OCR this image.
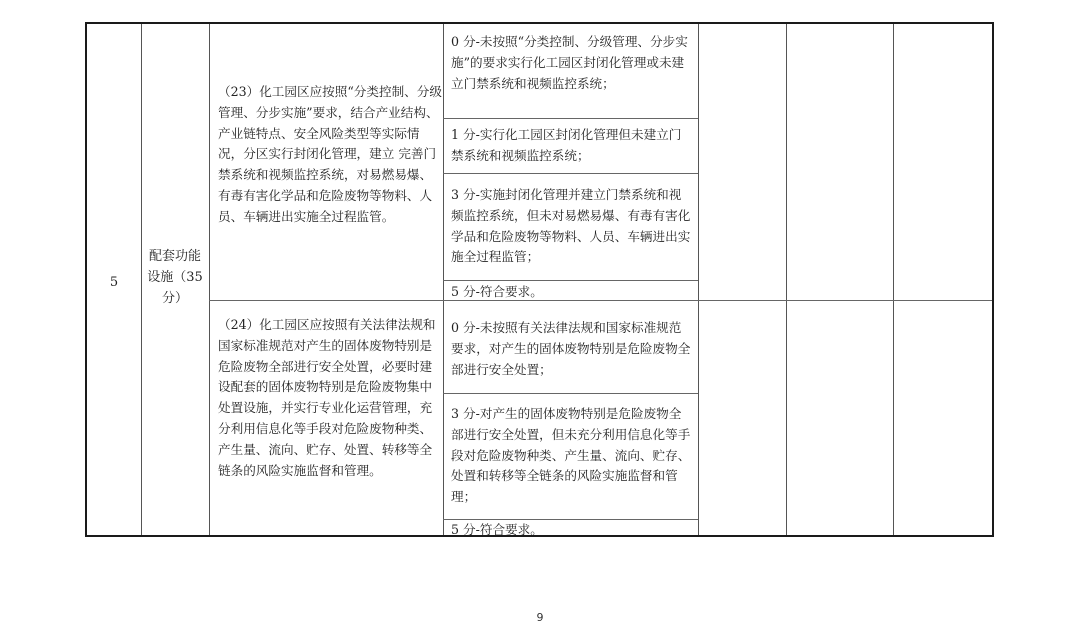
5
配套功能设施（35分）
（23）化工园区应按照“分类控制、分级管理、分步实施”要求，结合产业结构、产业链特点、安全风险类型等实际情况，分区实行封闭化管理，建立 完善门禁系统和视频监控系统，对易燃易爆、有毒有害化学品和危险废物等物料、人员、车辆进出实施全过程监管。
0 分-未按照“分类控制、分级管理、分步实施”的要求实行化工园区封闭化管理或未建立门禁系统和视频监控系统；
1 分-实行化工园区封闭化管理但未建立门禁系统和视频监控系统；
3 分-实施封闭化管理并建立门禁系统和视 频监控系统，但未对易燃易爆、有毒有害化学品和危险废物等物料、人员、车辆进出实施全过程监管；
5 分-符合要求。
（24）化工园区应按照有关法律法规和国家标准规范对产生的固体废物特别是危险废物全部进行安全处置，必要时建设配套的固体废物特别是危险废物集中处置设施，并实行专业化运营管理，充分利用信息化等手段对危险废物种类、产生量、流向、贮存、处置、转移等全链条的风险实施监督和管理。
0 分-未按照有关法律法规和国家标准规范要求，对产生的固体废物特别是危险废物全部进行安全处置；
3 分-对产生的固体废物特别是危险废物全部进行安全处置，但未充分利用信息化等手段对危险废物种类、产生量、流向、贮存、处置和转移等全链条的风险实施监督和管理；
5 分-符合要求。
9
